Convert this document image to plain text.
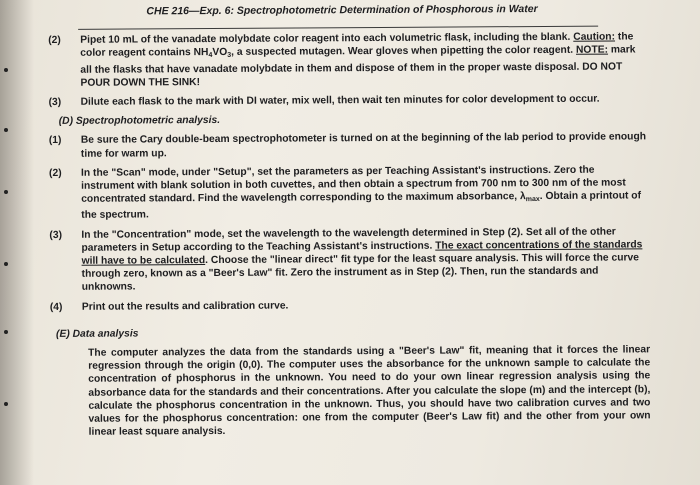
CHE 216—Exp. 6: Spectrophotometric Determination of Phosphorous in Water
(2) Pipet 10 mL of the vanadate molybdate color reagent into each volumetric flask, including the blank. Caution: the color reagent contains $NH_4VO_3$, a suspected mutagen. Wear gloves when pipetting the color reagent. NOTE: mark all the flasks that have vanadate molybdate in them and dispose of them in the proper waste disposal. DO NOT POUR DOWN THE SINK!
(3) Dilute each flask to the mark with DI water, mix well, then wait ten minutes for color development to occur.
(D) Spectrophotometric analysis.
(1) Be sure the Cary double-beam spectrophotometer is turned on at the beginning of the lab period to provide enough time for warm up.
(2) In the "Scan" mode, under "Setup", set the parameters as per Teaching Assistant's instructions. Zero the instrument with blank solution in both cuvettes, and then obtain a spectrum from 700 nm to 300 nm of the most concentrated standard. Find the wavelength corresponding to the maximum absorbance, $\lambda_{max}$. Obtain a printout of the spectrum.
(3) In the "Concentration" mode, set the wavelength to the wavelength determined in Step (2). Set all of the other parameters in Setup according to the Teaching Assistant's instructions. The exact concentrations of the standards will have to be calculated. Choose the "linear direct" fit type for the least square analysis. This will force the curve through zero, known as a "Beer's Law" fit. Zero the instrument as in Step (2). Then, run the standards and unknowns.
(4) Print out the results and calibration curve.
(E) Data analysis
The computer analyzes the data from the standards using a "Beer's Law" fit, meaning that it forces the linear regression through the origin (0,0). The computer uses the absorbance for the unknown sample to calculate the concentration of phosphorus in the unknown. You need to do your own linear regression analysis using the absorbance data for the standards and their concentrations. After you calculate the slope (m) and the intercept (b), calculate the phosphorus concentration in the unknown. Thus, you should have two calibration curves and two values for the phosphorus concentration: one from the computer (Beer's Law fit) and the other from your own linear least square analysis.
